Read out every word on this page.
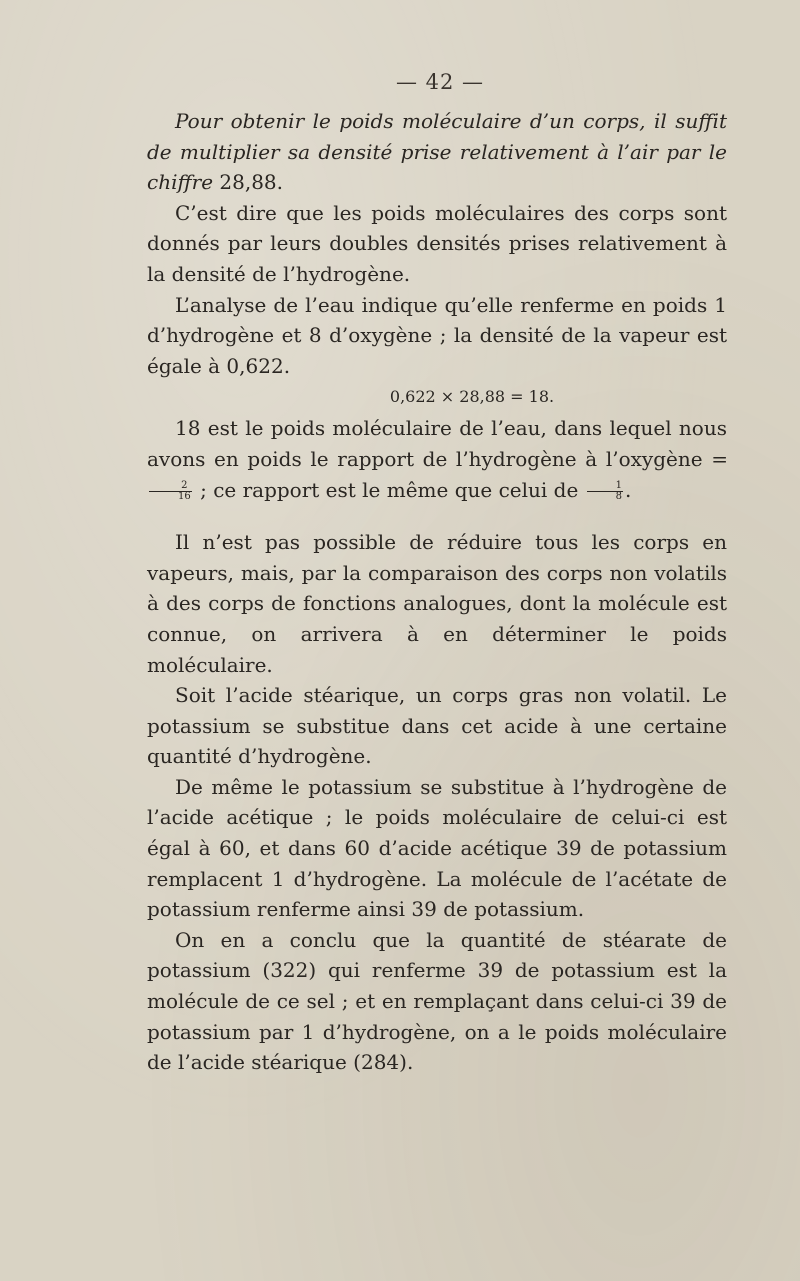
— 42 —

Pour obtenir le poids moléculaire d’un corps, il suffit de multiplier sa densité prise relativement à l’air par le chiffre 28,88.

C’est dire que les poids moléculaires des corps sont donnés par leurs doubles densités prises relativement à la densité de l’hydrogène.

L’analyse de l’eau indique qu’elle renferme en poids 1 d’hydrogène et 8 d’oxygène ; la densité de la vapeur est égale à 0,622.

0,622 × 28,88 = 18.

18 est le poids moléculaire de l’eau, dans lequel nous avons en poids le rapport de l’hydrogène à l’oxygène =
$\frac{2}{16}$ ; ce rapport est le même que celui de $\frac{1}{8}$ .

Il n’est pas possible de réduire tous les corps en vapeurs, mais, par la comparaison des corps non volatils à des corps de fonctions analogues, dont la molécule est connue, on arrivera à en déterminer le poids moléculaire.

Soit l’acide stéarique, un corps gras non volatil. Le potassium se substitue dans cet acide à une certaine quantité d’hydrogène.

De même le potassium se substitue à l’hydrogène de l’acide acétique ; le poids moléculaire de celui-ci est égal à 60, et dans 60 d’acide acétique 39 de potassium remplacent 1 d’hydrogène. La molécule de l’acétate de potassium renferme ainsi 39 de potassium.

On en a conclu que la quantité de stéarate de potassium (322) qui renferme 39 de potassium est la molécule de ce sel ; et en remplaçant dans celui-ci 39 de potassium par 1 d’hydrogène, on a le poids moléculaire de l’acide stéarique (284).
